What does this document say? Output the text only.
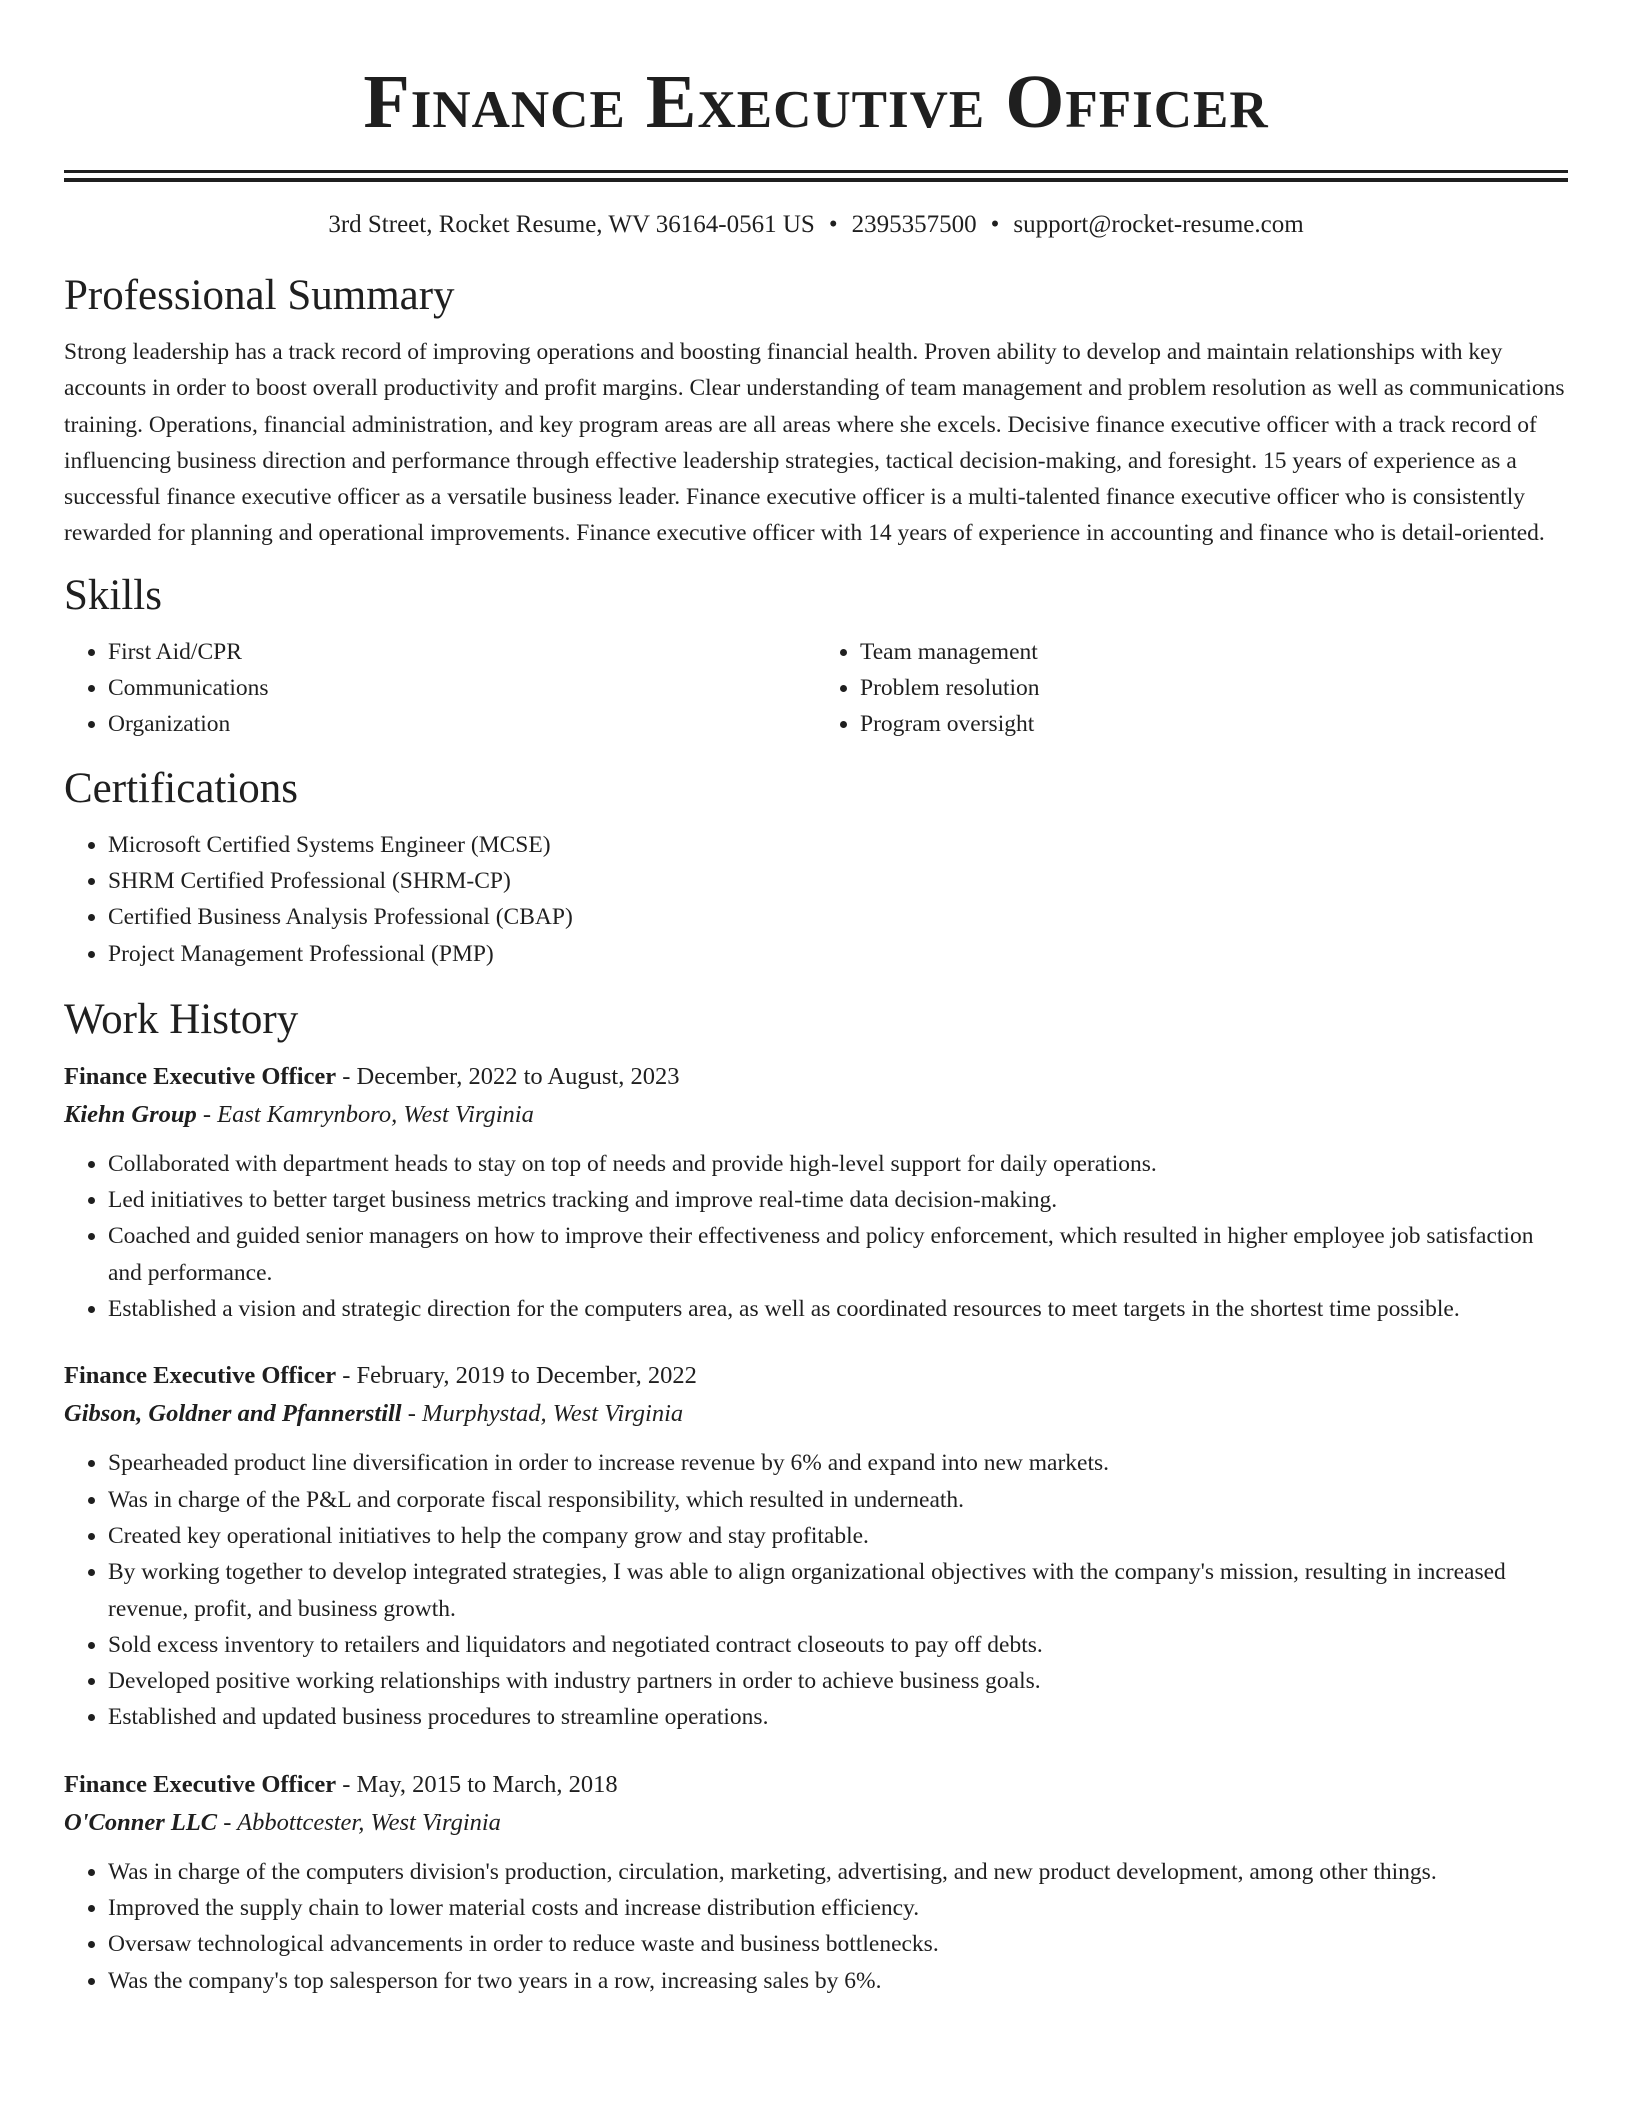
Finance Executive Officer
3rd Street, Rocket Resume, WV 36164-0561 US • 2395357500 • support@rocket-resume.com
Professional Summary

Strong leadership has a track record of improving operations and boosting financial health. Proven ability to develop and maintain relationships with key accounts in order to boost overall productivity and profit margins. Clear understanding of team management and problem resolution as well as communications training. Operations, financial administration, and key program areas are all areas where she excels. Decisive finance executive officer with a track record of influencing business direction and performance through effective leadership strategies, tactical decision-making, and foresight. 15 years of experience as a successful finance executive officer as a versatile business leader. Finance executive officer is a multi-talented finance executive officer who is consistently rewarded for planning and operational improvements. Finance executive officer with 14 years of experience in accounting and finance who is detail-oriented.

Skills
• First Aid/CPR
• Communications
• Organization
• Team management
• Problem resolution
• Program oversight
Certifications
• Microsoft Certified Systems Engineer (MCSE)
• SHRM Certified Professional (SHRM-CP)
• Certified Business Analysis Professional (CBAP)
• Project Management Professional (PMP)
Work History
Finance Executive Officer - December, 2022 to August, 2023
Kiehn Group - East Kamrynboro, West Virginia
• Collaborated with department heads to stay on top of needs and provide high-level support for daily operations.
• Led initiatives to better target business metrics tracking and improve real-time data decision-making.
• Coached and guided senior managers on how to improve their effectiveness and policy enforcement, which resulted in higher employee job satisfaction and performance.
• Established a vision and strategic direction for the computers area, as well as coordinated resources to meet targets in the shortest time possible.
Finance Executive Officer - February, 2019 to December, 2022
Gibson, Goldner and Pfannerstill - Murphystad, West Virginia
• Spearheaded product line diversification in order to increase revenue by 6% and expand into new markets.
• Was in charge of the P&L and corporate fiscal responsibility, which resulted in underneath.
• Created key operational initiatives to help the company grow and stay profitable.
• By working together to develop integrated strategies, I was able to align organizational objectives with the company's mission, resulting in increased revenue, profit, and business growth.
• Sold excess inventory to retailers and liquidators and negotiated contract closeouts to pay off debts.
• Developed positive working relationships with industry partners in order to achieve business goals.
• Established and updated business procedures to streamline operations.
Finance Executive Officer - May, 2015 to March, 2018
O'Conner LLC - Abbottcester, West Virginia
• Was in charge of the computers division's production, circulation, marketing, advertising, and new product development, among other things.
• Improved the supply chain to lower material costs and increase distribution efficiency.
• Oversaw technological advancements in order to reduce waste and business bottlenecks.
• Was the company's top salesperson for two years in a row, increasing sales by 6%.
